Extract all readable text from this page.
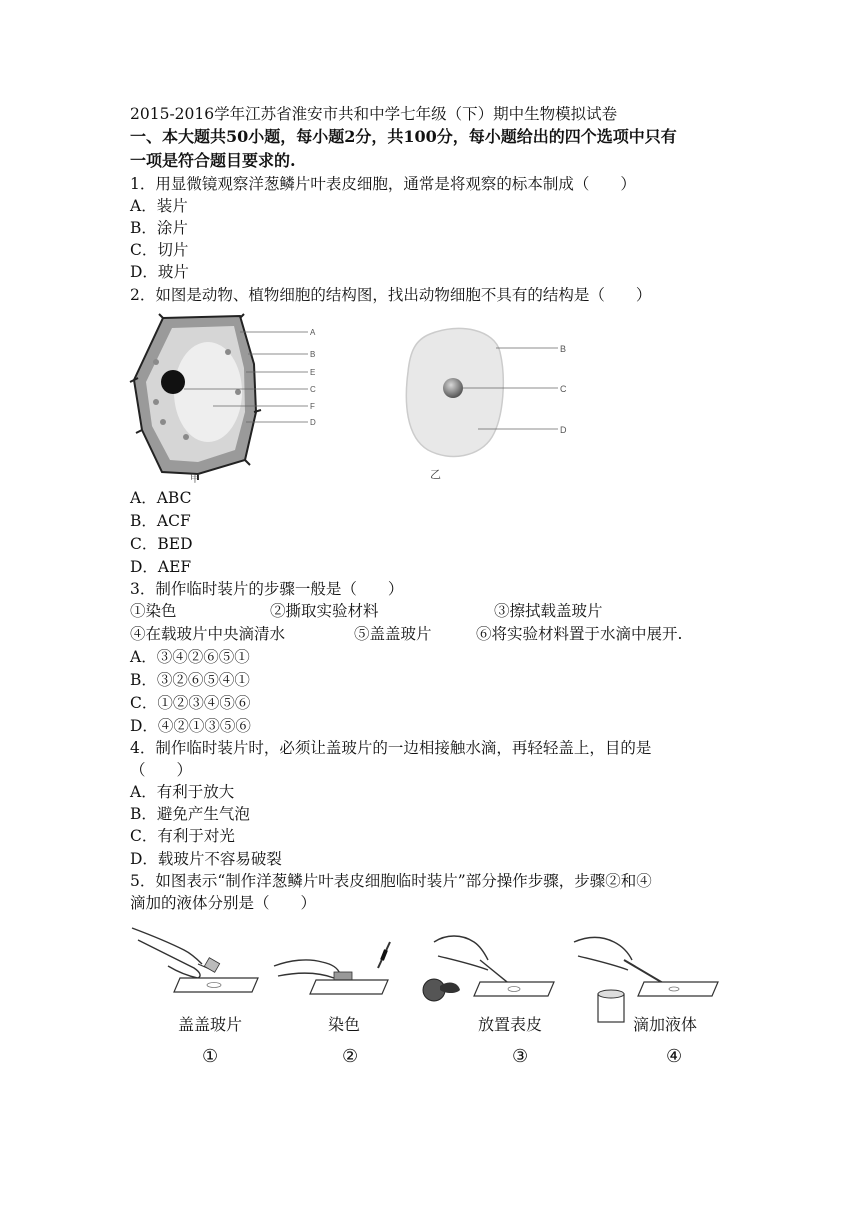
2015-2016学年江苏省淮安市共和中学七年级（下）期中生物模拟试卷
一、本大题共50小题，每小题2分，共100分，每小题给出的四个选项中只有
一项是符合题目要求的.
1．用显微镜观察洋葱鳞片叶表皮细胞，通常是将观察的标本制成（　　）
A．装片
B．涂片
C．切片
D．玻片
2．如图是动物、植物细胞的结构图，找出动物细胞不具有的结构是（　　）
A
B
E
C
F
D
甲
B
C
D
乙
A．ABC
B．ACF
C．BED
D．AEF
3．制作临时装片的步骤一般是（　　）
①染色	②撕取实验材料	③擦拭载盖玻片
④在载玻片中央滴清水	⑤盖盖玻片	⑥将实验材料置于水滴中展开.
A．③④②⑥⑤①
B．③②⑥⑤④①
C．①②③④⑤⑥
D．④②①③⑤⑥
4．制作临时装片时，必须让盖玻片的一边相接触水滴，再轻轻盖上，目的是
（　　）
A．有利于放大
B．避免产生气泡
C．有利于对光
D．载玻片不容易破裂
5．如图表示“制作洋葱鳞片叶表皮细胞临时装片”部分操作步骤，步骤②和④
滴加的液体分别是（　　）
盖盖玻片	染色	放置表皮	滴加液体
①	②	③	④
